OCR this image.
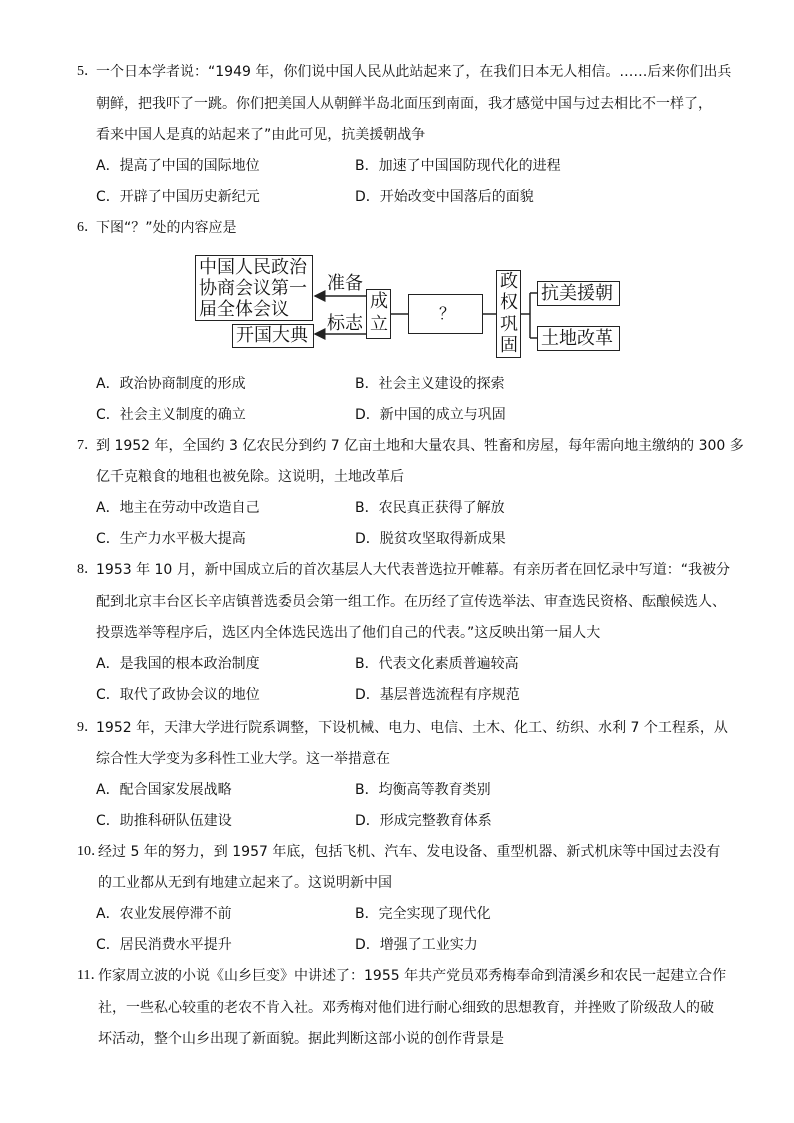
5．
一个日本学者说：“1949 年，你们说中国人民从此站起来了，在我们日本无人相信。……后来你们出兵
朝鲜，把我吓了一跳。你们把美国人从朝鲜半岛北面压到南面，我才感觉中国与过去相比不一样了，
看来中国人是真的站起来了”由此可见，抗美援朝战争
A．提高了中国的国际地位	B．加速了中国国防现代化的进程
C．开辟了中国历史新纪元	D．开始改变中国落后的面貌
6．
下图“？”处的内容应是
中国人民政治
协商会议第一
届全体会议
开国大典
准备
标志
成
立
？
政
权
巩
固
抗美援朝
土地改革
A．政治协商制度的形成	B．社会主义建设的探索
C．社会主义制度的确立	D．新中国的成立与巩固
7．
到 1952 年，全国约 3 亿农民分到约 7 亿亩土地和大量农具、牲畜和房屋，每年需向地主缴纳的 300 多
亿千克粮食的地租也被免除。这说明，土地改革后
A．地主在劳动中改造自己	B．农民真正获得了解放
C．生产力水平极大提高	D．脱贫攻坚取得新成果
8．
1953 年 10 月，新中国成立后的首次基层人大代表普选拉开帷幕。有亲历者在回忆录中写道：“我被分
配到北京丰台区长辛店镇普选委员会第一组工作。在历经了宣传选举法、审查选民资格、酝酿候选人、
投票选举等程序后，选区内全体选民选出了他们自己的代表。”这反映出第一届人大
A．是我国的根本政治制度	B．代表文化素质普遍较高
C．取代了政协会议的地位	D．基层普选流程有序规范
9．
1952 年，天津大学进行院系调整，下设机械、电力、电信、土木、化工、纺织、水利 7 个工程系，从
综合性大学变为多科性工业大学。这一举措意在
A．配合国家发展战略	B．均衡高等教育类别
C．助推科研队伍建设	D．形成完整教育体系
10．
经过 5 年的努力，到 1957 年底，包括飞机、汽车、发电设备、重型机器、新式机床等中国过去没有
的工业都从无到有地建立起来了。这说明新中国
A．农业发展停滞不前	B．完全实现了现代化
C．居民消费水平提升	D．增强了工业实力
11．
作家周立波的小说《山乡巨变》中讲述了：1955 年共产党员邓秀梅奉命到清溪乡和农民一起建立合作
社，一些私心较重的老农不肯入社。邓秀梅对他们进行耐心细致的思想教育，并挫败了阶级敌人的破
坏活动，整个山乡出现了新面貌。据此判断这部小说的创作背景是
